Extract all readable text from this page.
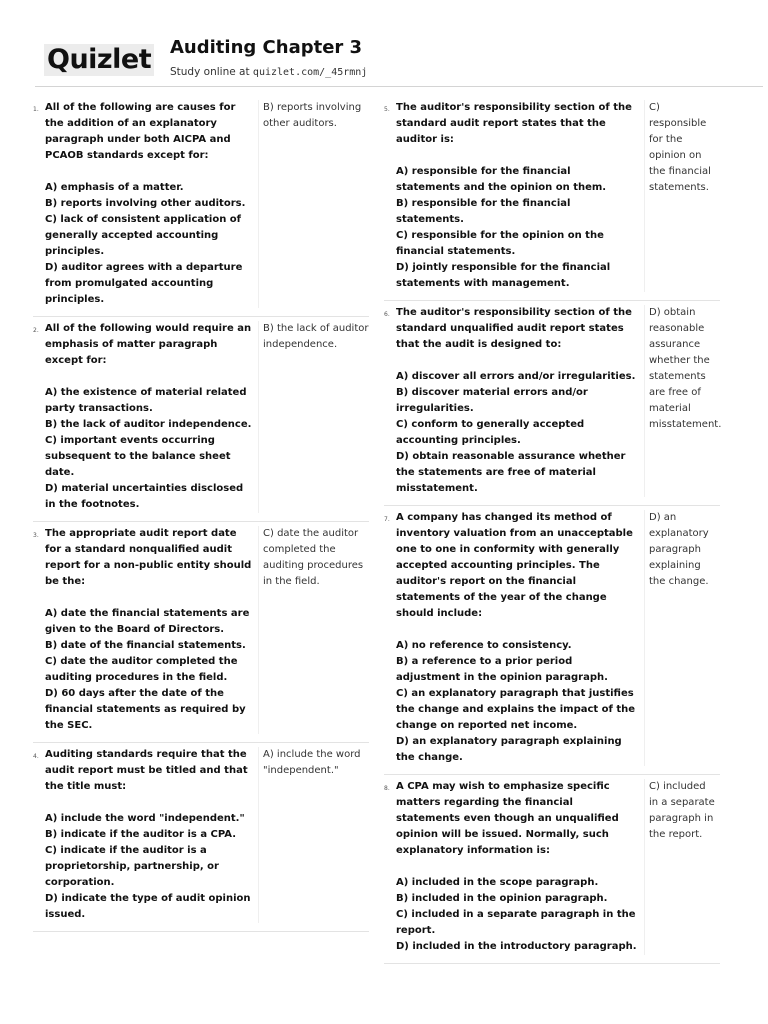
Quizlet Auditing Chapter 3
Study online at quizlet.com/_45rmnj
1. All of the following are causes for the addition of an explanatory paragraph under both AICPA and PCAOB standards except for:

A) emphasis of a matter.
B) reports involving other auditors.
C) lack of consistent application of generally accepted accounting principles.
D) auditor agrees with a departure from promulgated accounting principles.
B) reports involving other auditors.
2. All of the following would require an emphasis of matter paragraph except for:

A) the existence of material related party transactions.
B) the lack of auditor independence.
C) important events occurring subsequent to the balance sheet date.
D) material uncertainties disclosed in the footnotes.
B) the lack of auditor independence.
3. The appropriate audit report date for a standard nonqualified audit report for a non-public entity should be the:

A) date the financial statements are given to the Board of Directors.
B) date of the financial statements.
C) date the auditor completed the auditing procedures in the field.
D) 60 days after the date of the financial statements as required by the SEC.
C) date the auditor completed the auditing procedures in the field.
4. Auditing standards require that the audit report must be titled and that the title must:

A) include the word "independent."
B) indicate if the auditor is a CPA.
C) indicate if the auditor is a proprietorship, partnership, or corporation.
D) indicate the type of audit opinion issued.
A) include the word "independent."
5. The auditor's responsibility section of the standard audit report states that the auditor is:

A) responsible for the financial statements and the opinion on them.
B) responsible for the financial statements.
C) responsible for the opinion on the financial statements.
D) jointly responsible for the financial statements with management.
C) responsible for the opinion on the financial statements.
6. The auditor's responsibility section of the standard unqualified audit report states that the audit is designed to:

A) discover all errors and/or irregularities.
B) discover material errors and/or irregularities.
C) conform to generally accepted accounting principles.
D) obtain reasonable assurance whether the statements are free of material misstatement.
D) obtain reasonable assurance whether the statements are free of material misstatement.
7. A company has changed its method of inventory valuation from an unacceptable one to one in conformity with generally accepted accounting principles. The auditor's report on the financial statements of the year of the change should include:

A) no reference to consistency.
B) a reference to a prior period adjustment in the opinion paragraph.
C) an explanatory paragraph that justifies the change and explains the impact of the change on reported net income.
D) an explanatory paragraph explaining the change.
D) an explanatory paragraph explaining the change.
8. A CPA may wish to emphasize specific matters regarding the financial statements even though an unqualified opinion will be issued. Normally, such explanatory information is:

A) included in the scope paragraph.
B) included in the opinion paragraph.
C) included in a separate paragraph in the report.
D) included in the introductory paragraph.
C) included in a separate paragraph in the report.
